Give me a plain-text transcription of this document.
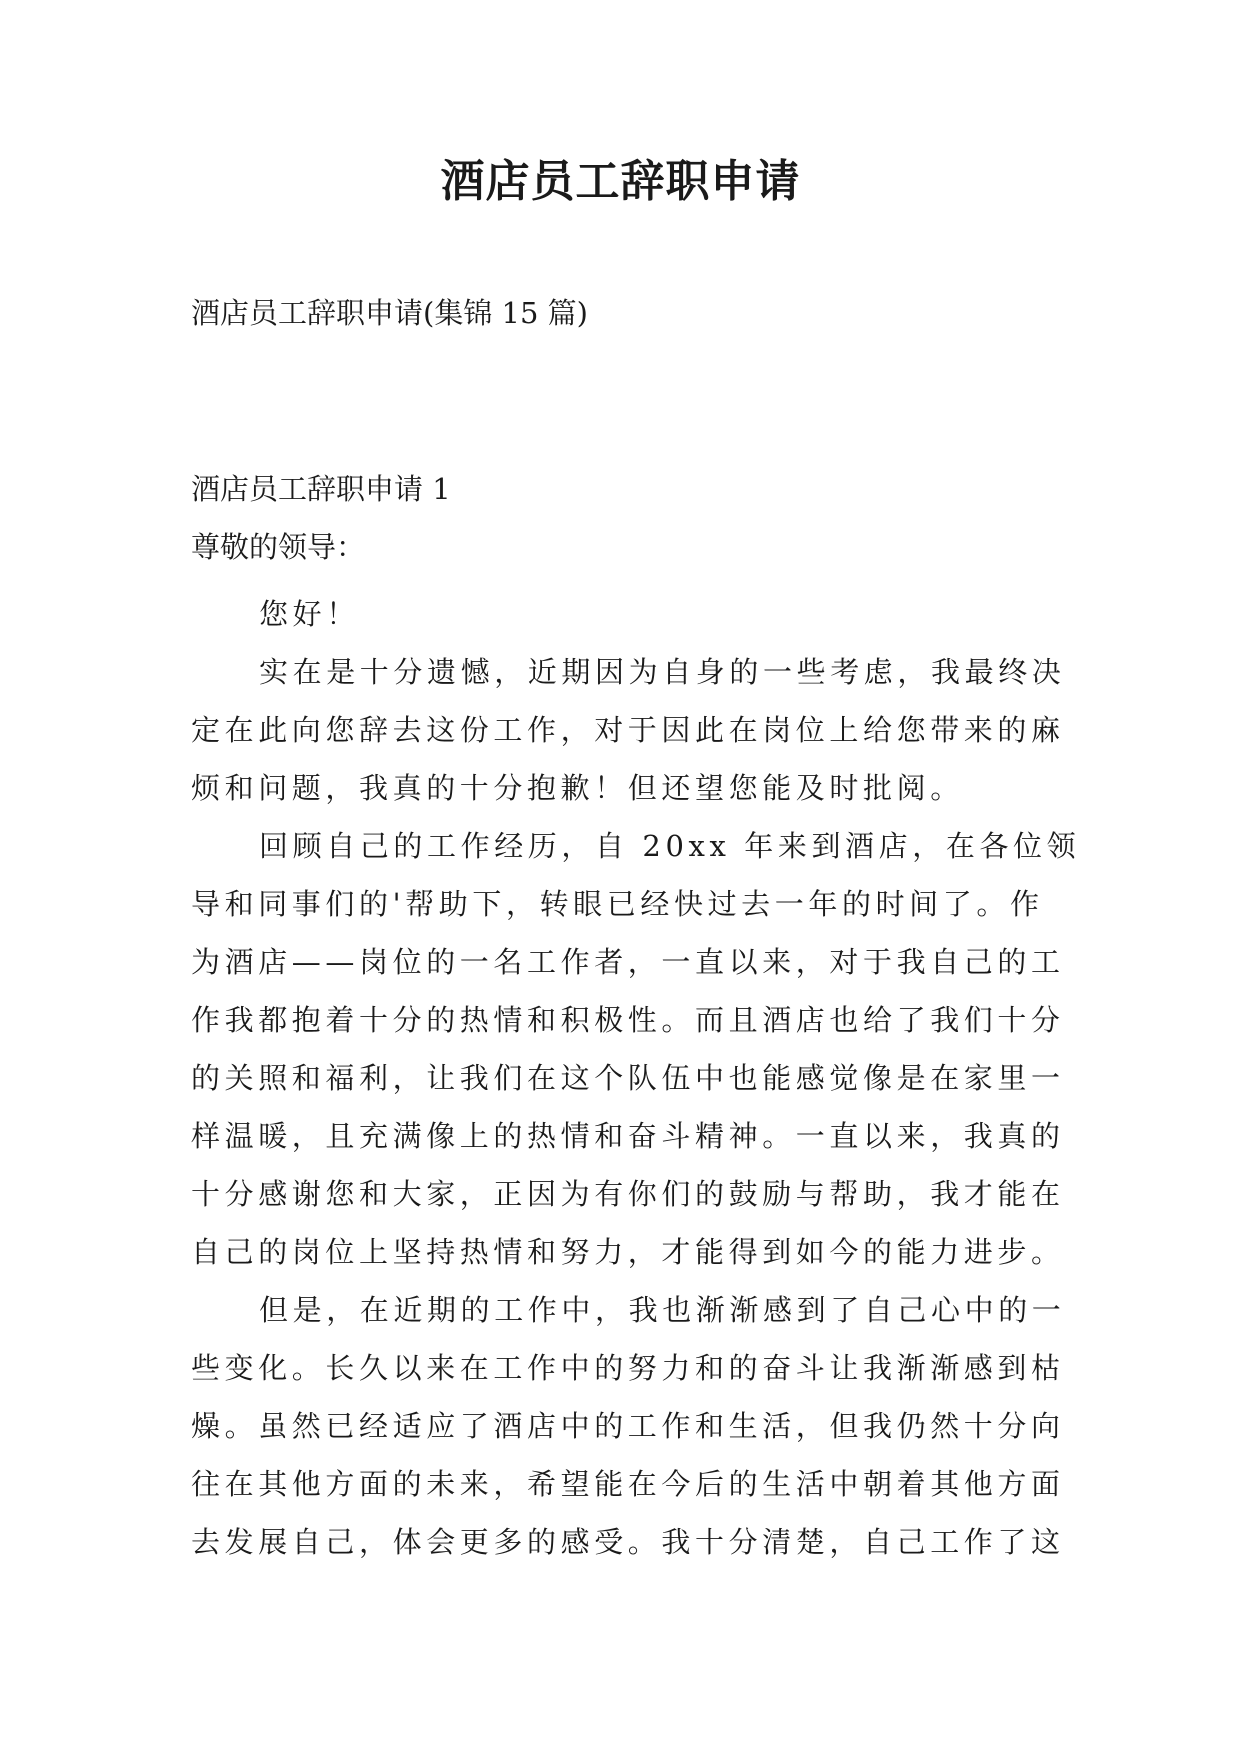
酒店员工辞职申请

酒店员工辞职申请(集锦 15 篇)

酒店员工辞职申请 1

尊敬的领导：

您好！
实在是十分遗憾，近期因为自身的一些考虑，我最终决
定在此向您辞去这份工作，对于因此在岗位上给您带来的麻
烦和问题，我真的十分抱歉！但还望您能及时批阅。
回顾自己的工作经历，自 20xx 年来到酒店，在各位领
导和同事们的'帮助下，转眼已经快过去一年的时间了。作
为酒店——岗位的一名工作者，一直以来，对于我自己的工
作我都抱着十分的热情和积极性。而且酒店也给了我们十分
的关照和福利，让我们在这个队伍中也能感觉像是在家里一
样温暖，且充满像上的热情和奋斗精神。一直以来，我真的
十分感谢您和大家，正因为有你们的鼓励与帮助，我才能在
自己的岗位上坚持热情和努力，才能得到如今的能力进步。
但是，在近期的工作中，我也渐渐感到了自己心中的一
些变化。长久以来在工作中的努力和的奋斗让我渐渐感到枯
燥。虽然已经适应了酒店中的工作和生活，但我仍然十分向
往在其他方面的未来，希望能在今后的生活中朝着其他方面
去发展自己，体会更多的感受。我十分清楚，自己工作了这
